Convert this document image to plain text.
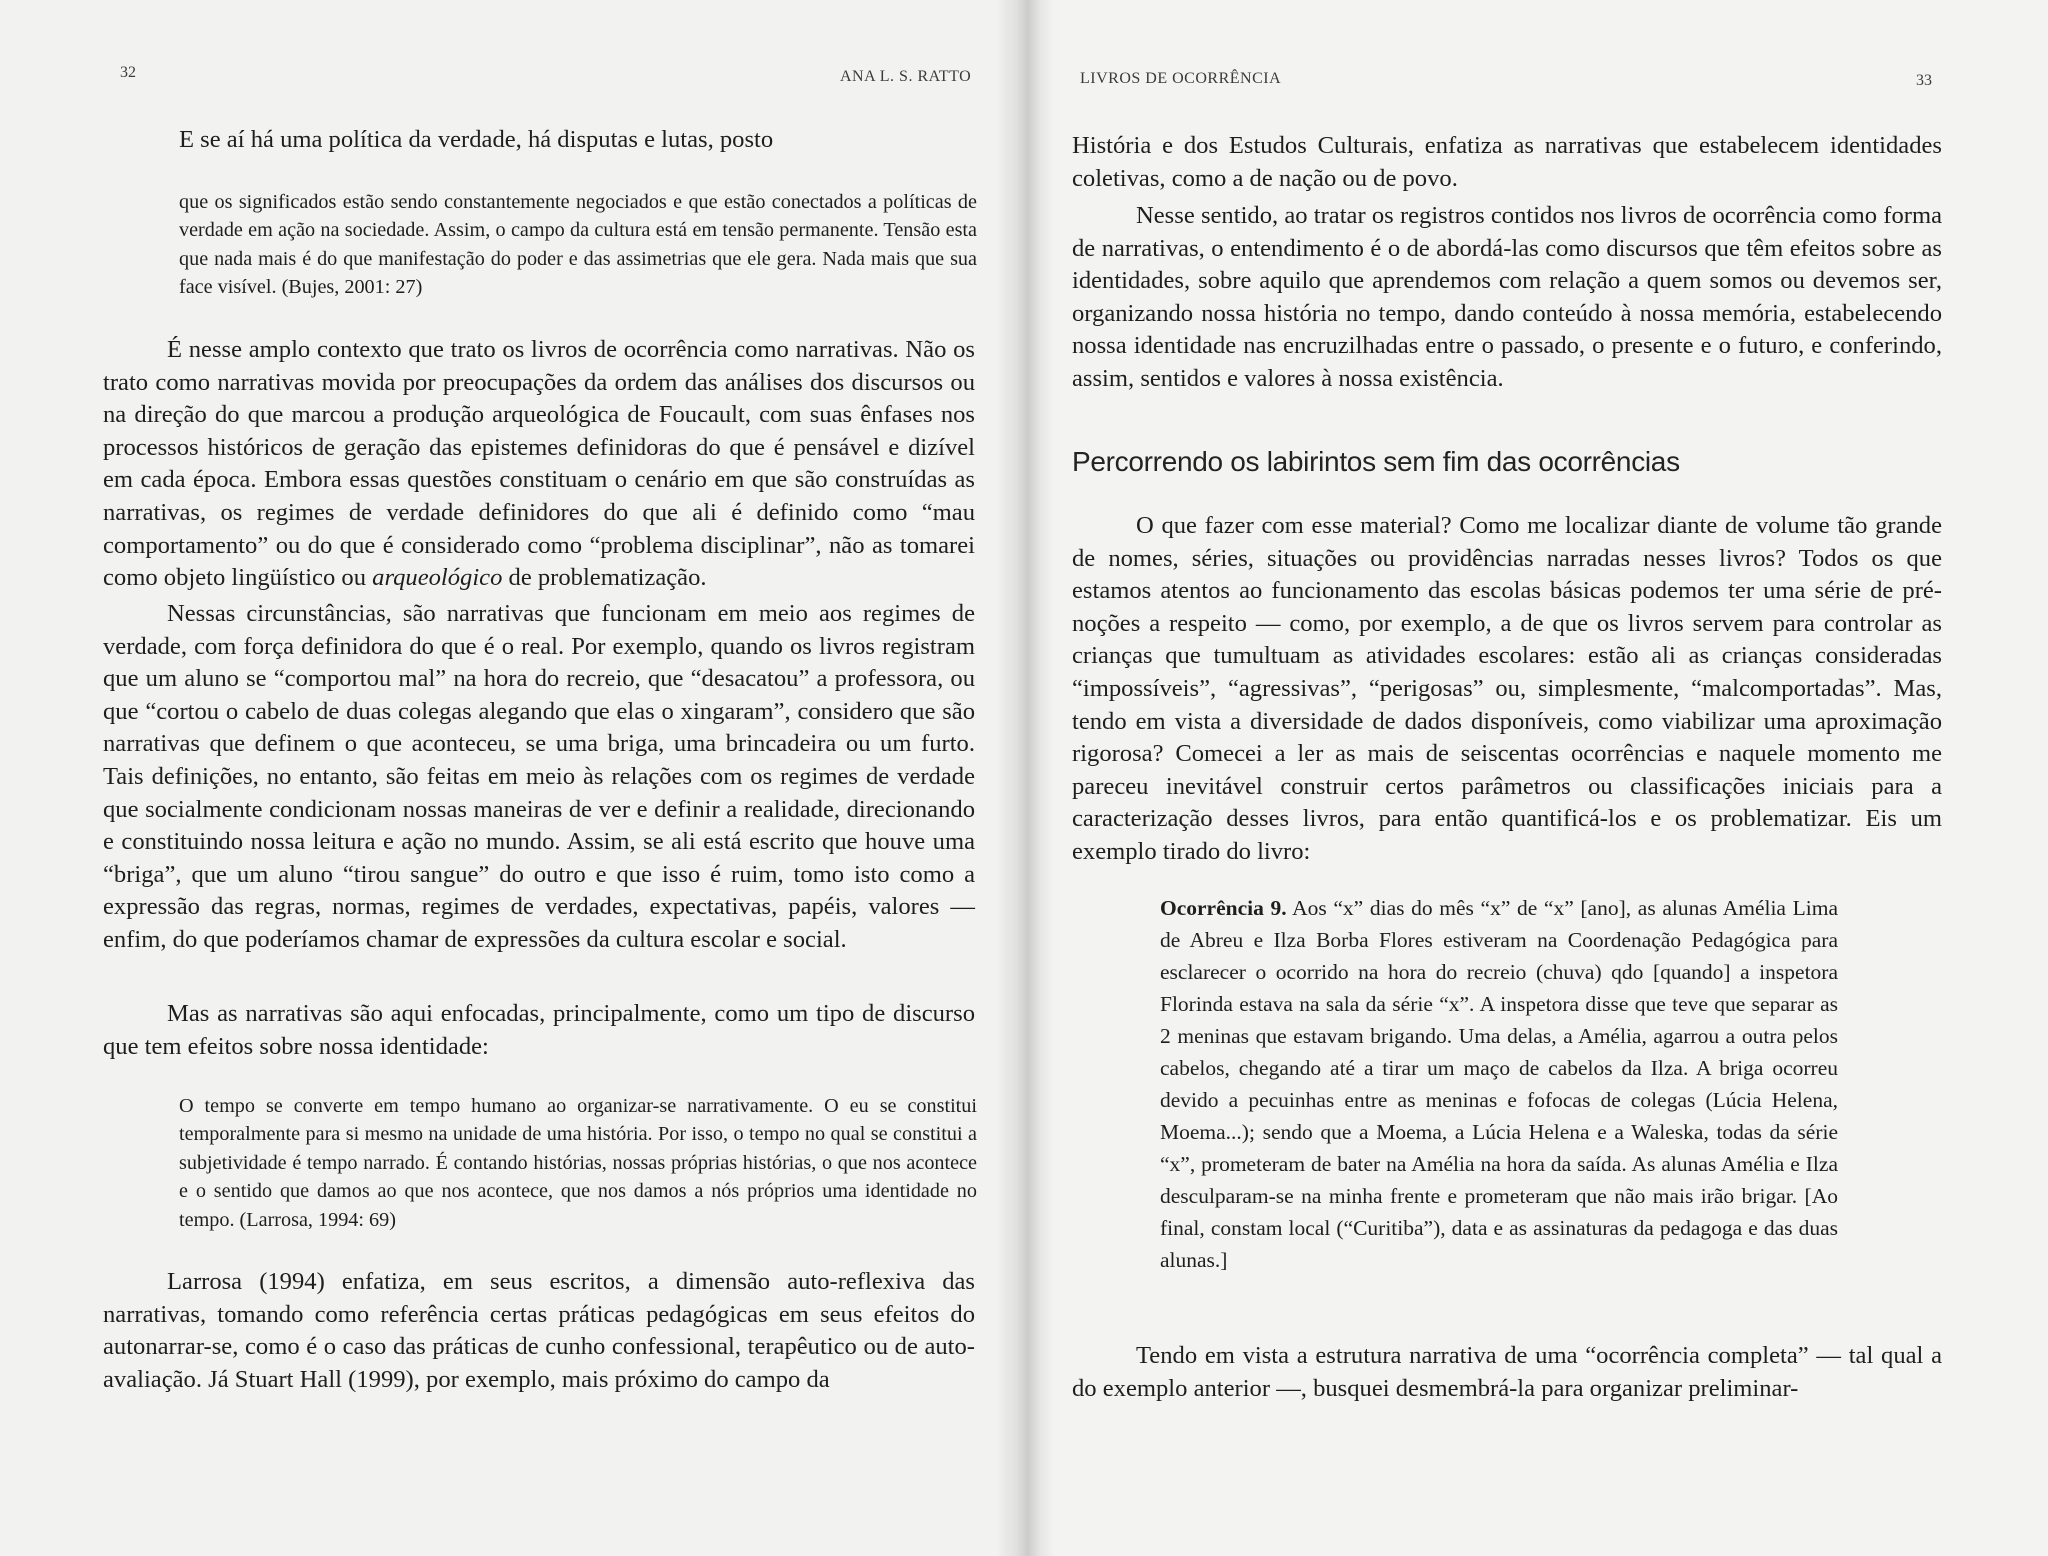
32	ANA L. S. RATTO
E se aí há uma política da verdade, há disputas e lutas, posto
que os significados estão sendo constantemente negociados e que estão conectados a políticas de verdade em ação na sociedade. Assim, o campo da cultura está em tensão permanente. Tensão esta que nada mais é do que manifestação do poder e das assimetrias que ele gera. Nada mais que sua face visível. (Bujes, 2001: 27)

É nesse amplo contexto que trato os livros de ocorrência como narrativas. Não os trato como narrativas movida por preocupações da ordem das análises dos discursos ou na direção do que marcou a produção arqueológica de Foucault, com suas ênfases nos processos históricos de geração das epistemes definidoras do que é pensável e dizível em cada época. Embora essas questões constituam o cenário em que são construídas as narrativas, os regimes de verdade definidores do que ali é definido como “mau comportamento” ou do que é considerado como “problema disciplinar”, não as tomarei como objeto lingüístico ou arqueológico de problematização.

Nessas circunstâncias, são narrativas que funcionam em meio aos regimes de verdade, com força definidora do que é o real. Por exemplo, quando os livros registram que um aluno se “comportou mal” na hora do recreio, que “desacatou” a professora, ou que “cortou o cabelo de duas colegas alegando que elas o xingaram”, considero que são narrativas que definem o que aconteceu, se uma briga, uma brincadeira ou um furto. Tais definições, no entanto, são feitas em meio às relações com os regimes de verdade que socialmente condicionam nossas maneiras de ver e definir a realidade, direcionando e constituindo nossa leitura e ação no mundo. Assim, se ali está escrito que houve uma “briga”, que um aluno “tirou sangue” do outro e que isso é ruim, tomo isto como a expressão das regras, normas, regimes de verdades, expectativas, papéis, valores — enfim, do que poderíamos chamar de expressões da cultura escolar e social.

Mas as narrativas são aqui enfocadas, principalmente, como um tipo de discurso que tem efeitos sobre nossa identidade:

O tempo se converte em tempo humano ao organizar-se narrativamente. O eu se constitui temporalmente para si mesmo na unidade de uma história. Por isso, o tempo no qual se constitui a subjetividade é tempo narrado. É contando histórias, nossas próprias histórias, o que nos acontece e o sentido que damos ao que nos acontece, que nos damos a nós próprios uma identidade no tempo. (Larrosa, 1994: 69)

Larrosa (1994) enfatiza, em seus escritos, a dimensão auto-reflexiva das narrativas, tomando como referência certas práticas pedagógicas em seus efeitos do autonarrar-se, como é o caso das práticas de cunho confessional, terapêutico ou de auto-avaliação. Já Stuart Hall (1999), por exemplo, mais próximo do campo da

LIVROS DE OCORRÊNCIA	33

História e dos Estudos Culturais, enfatiza as narrativas que estabelecem identidades coletivas, como a de nação ou de povo.

Nesse sentido, ao tratar os registros contidos nos livros de ocorrência como forma de narrativas, o entendimento é o de abordá-las como discursos que têm efeitos sobre as identidades, sobre aquilo que aprendemos com relação a quem somos ou devemos ser, organizando nossa história no tempo, dando conteúdo à nossa memória, estabelecendo nossa identidade nas encruzilhadas entre o passado, o presente e o futuro, e conferindo, assim, sentidos e valores à nossa existência.

Percorrendo os labirintos sem fim das ocorrências

O que fazer com esse material? Como me localizar diante de volume tão grande de nomes, séries, situações ou providências narradas nesses livros? Todos os que estamos atentos ao funcionamento das escolas básicas podemos ter uma série de pré-noções a respeito — como, por exemplo, a de que os livros servem para controlar as crianças que tumultuam as atividades escolares: estão ali as crianças consideradas “impossíveis”, “agressivas”, “perigosas” ou, simplesmente, “malcomportadas”. Mas, tendo em vista a diversidade de dados disponíveis, como viabilizar uma aproximação rigorosa? Comecei a ler as mais de seiscentas ocorrências e naquele momento me pareceu inevitável construir certos parâmetros ou classificações iniciais para a caracterização desses livros, para então quantificá-los e os problematizar. Eis um exemplo tirado do livro:

Ocorrência 9. Aos “x” dias do mês “x” de “x” [ano], as alunas Amélia Lima de Abreu e Ilza Borba Flores estiveram na Coordenação Pedagógica para esclarecer o ocorrido na hora do recreio (chuva) qdo [quando] a inspetora Florinda estava na sala da série “x”. A inspetora disse que teve que separar as 2 meninas que estavam brigando. Uma delas, a Amélia, agarrou a outra pelos cabelos, chegando até a tirar um maço de cabelos da Ilza. A briga ocorreu devido a pecuinhas entre as meninas e fofocas de colegas (Lúcia Helena, Moema...); sendo que a Moema, a Lúcia Helena e a Waleska, todas da série “x”, prometeram de bater na Amélia na hora da saída. As alunas Amélia e Ilza desculparam-se na minha frente e prometeram que não mais irão brigar. [Ao final, constam local (“Curitiba”), data e as assinaturas da pedagoga e das duas alunas.]

Tendo em vista a estrutura narrativa de uma “ocorrência completa” — tal qual a do exemplo anterior —, busquei desmembrá-la para organizar preliminar-
